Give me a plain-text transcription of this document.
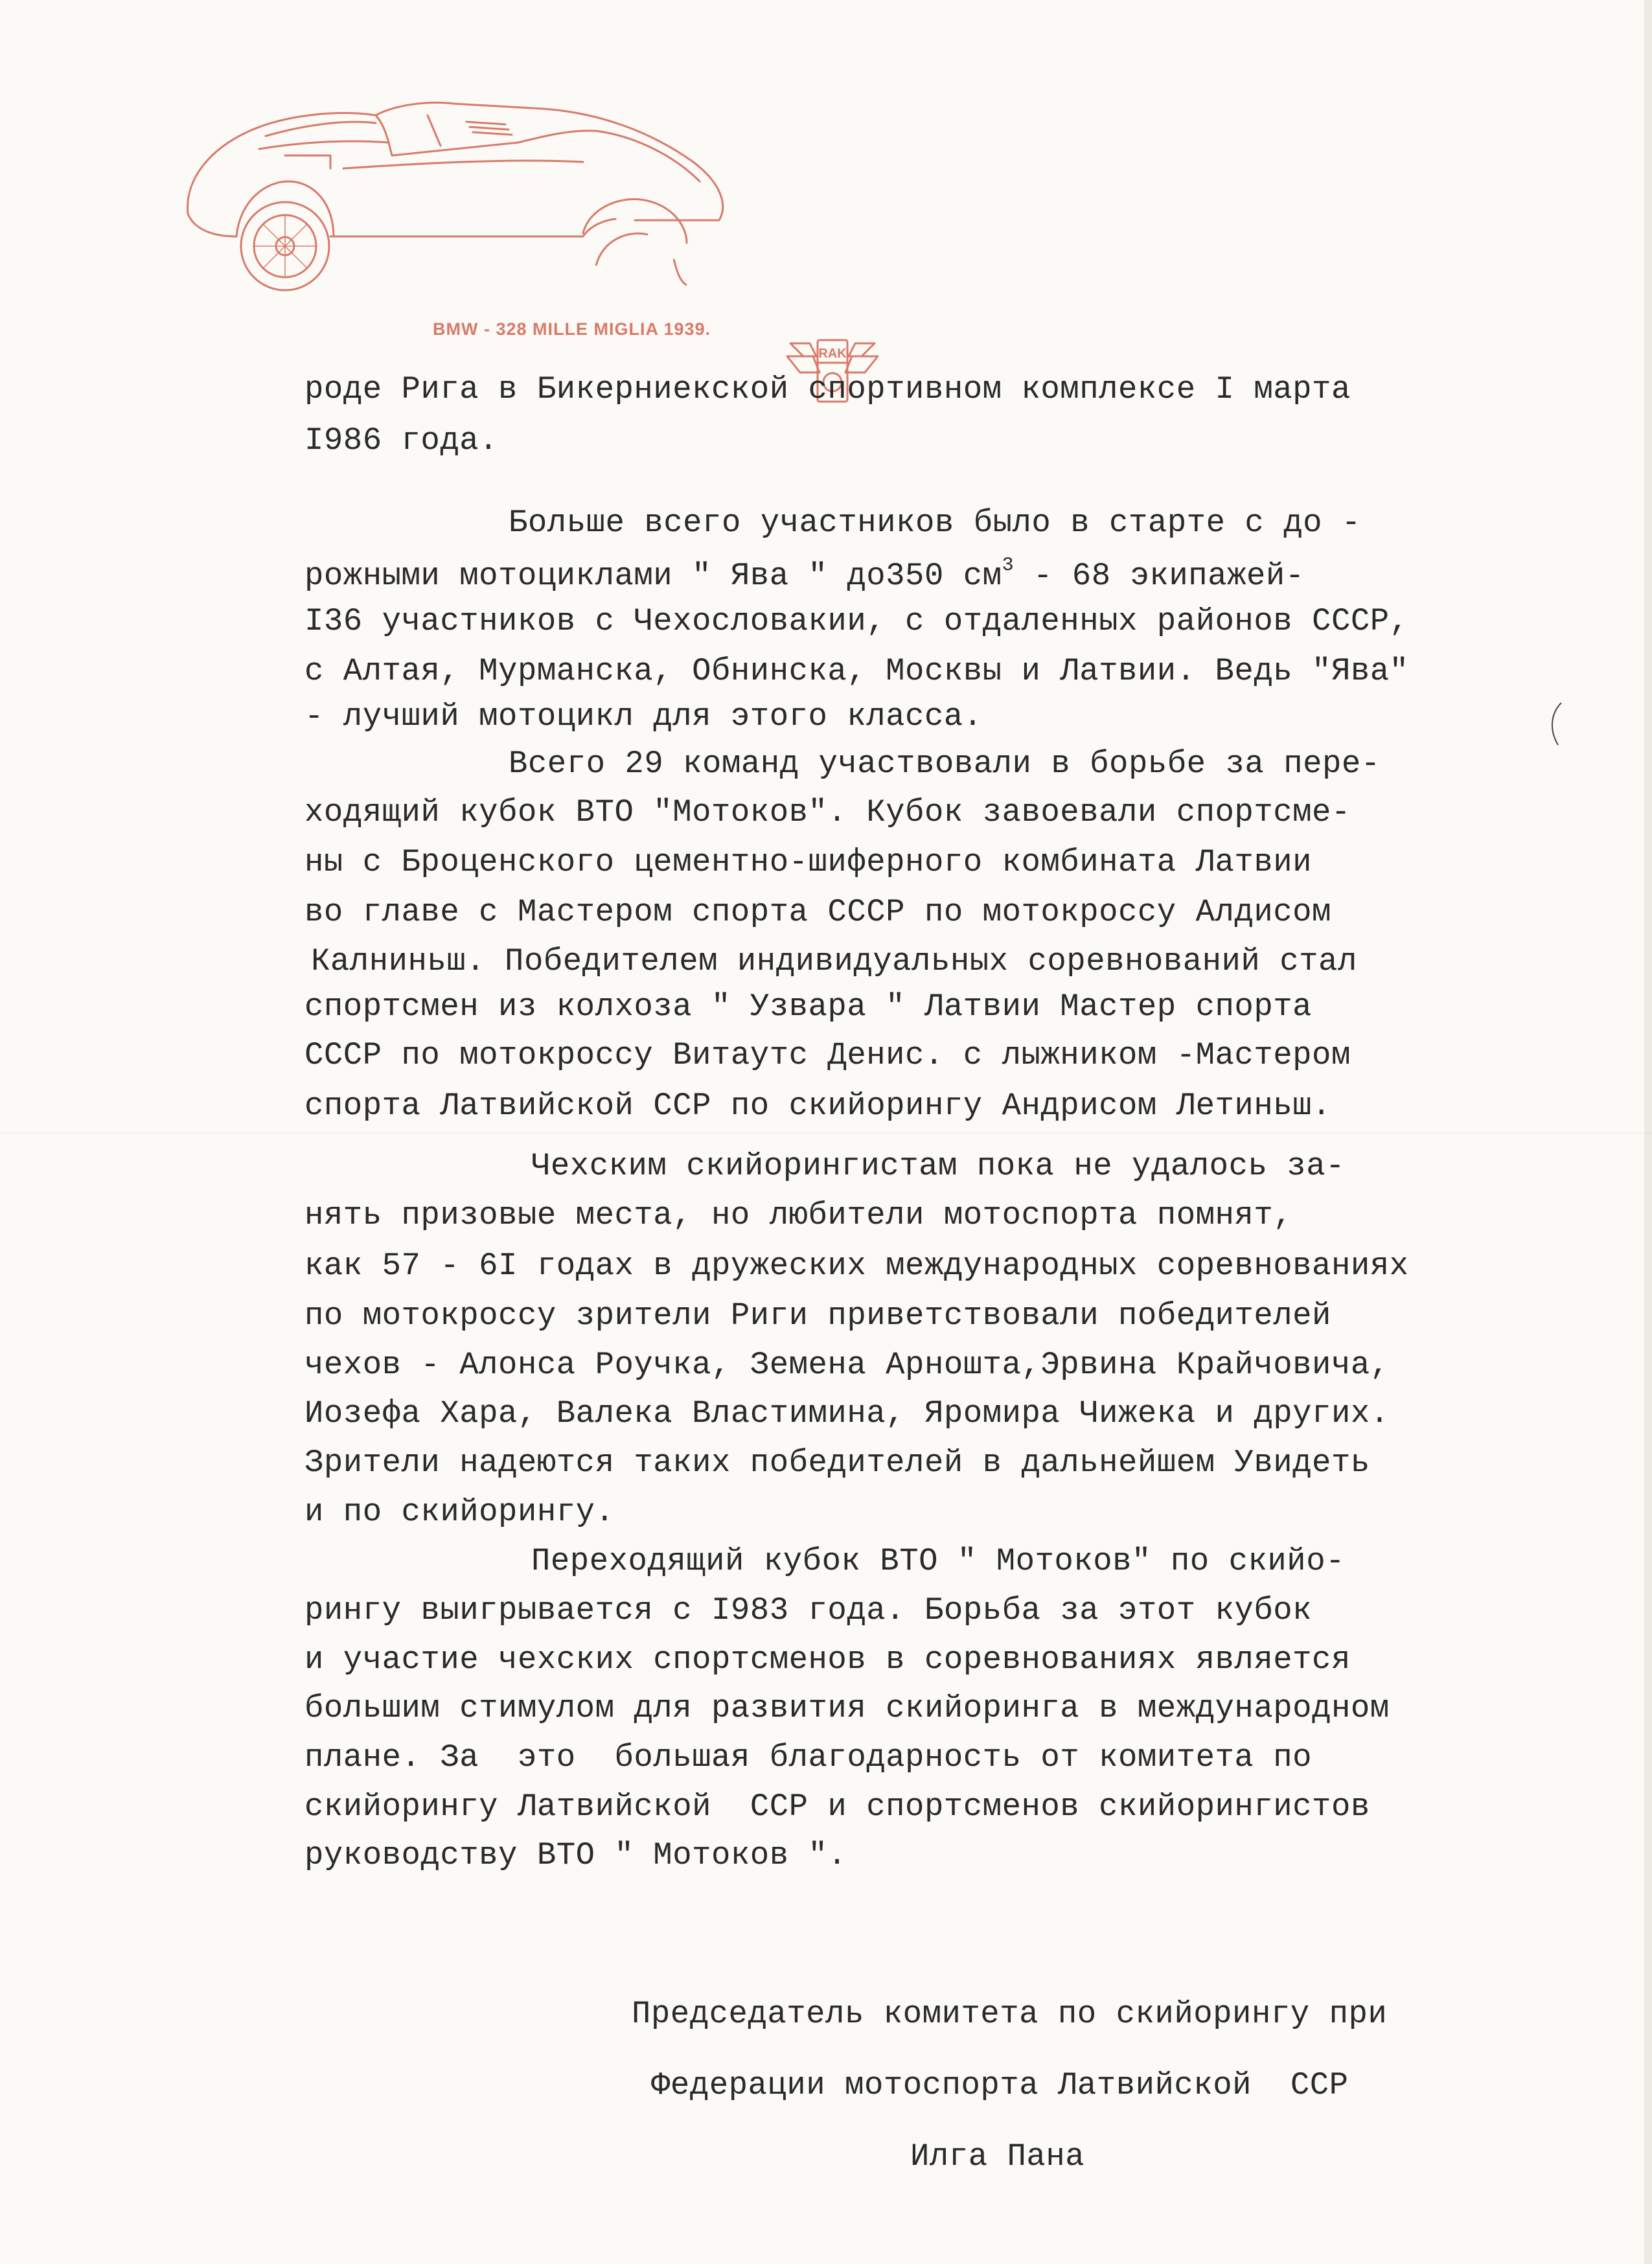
RAK
BMW - 328 MILLE MIGLIA 1939.
роде Рига в Бикерниекской спортивном комплексе I марта
I986 года.
Больше всего участников было в старте с до -
рожными мотоциклами " Ява " до350 $см^3 - 68$ экипажей-
I36 участников с Чехословакии, с отдаленных районов СССР,
с Алтая, Мурманска, Обнинска, Москвы и Латвии. Ведь "Ява"
- лучший мотоцикл для этого класса.
Всего 29 команд участвовали в борьбе за пере-
ходящий кубок ВТО "Мотоков". Кубок завоевали спортсме-
ны с Броценского цементно-шиферного комбината Латвии
во главе с Мастером спорта СССР по мотокроссу Алдисом
Калниньш. Победителем индивидуальных соревнований стал
спортсмен из колхоза " Узвара " Латвии Мастер спорта
СССР по мотокроссу Витаутс Денис. с лыжником -Мастером
спорта Латвийской ССР по скийорингу Андрисом Летиньш.
Чехским скийорингистам пока не удалось за-
нять призовые места, но любители мотоспорта помнят,
как 57 - 6I годах в дружеских международных соревнованиях
по мотокроссу зрители Риги приветствовали победителей
чехов - Алонса Роучка, Земена Арношта,Эрвина Крайчовича,
Иозефа Хара, Валека Властимина, Яромира Чижека и других.
Зрители надеются таких победителей в дальнейшем Увидеть
и по скийорингу.
Переходящий кубок ВТО " Мотоков" по скийо-
рингу выигрывается с I983 года. Борьба за этот кубок
и участие чехских спортсменов в соревнованиях является
большим стимулом для развития скийоринга в международном
плане. За  это  большая благодарность от комитета по
скийорингу Латвийской  ССР и спортсменов скийорингистов
руководству ВТО " Мотоков ".
Председатель комитета по скийорингу при
Федерации мотоспорта Латвийской  ССР
Илга Пана
